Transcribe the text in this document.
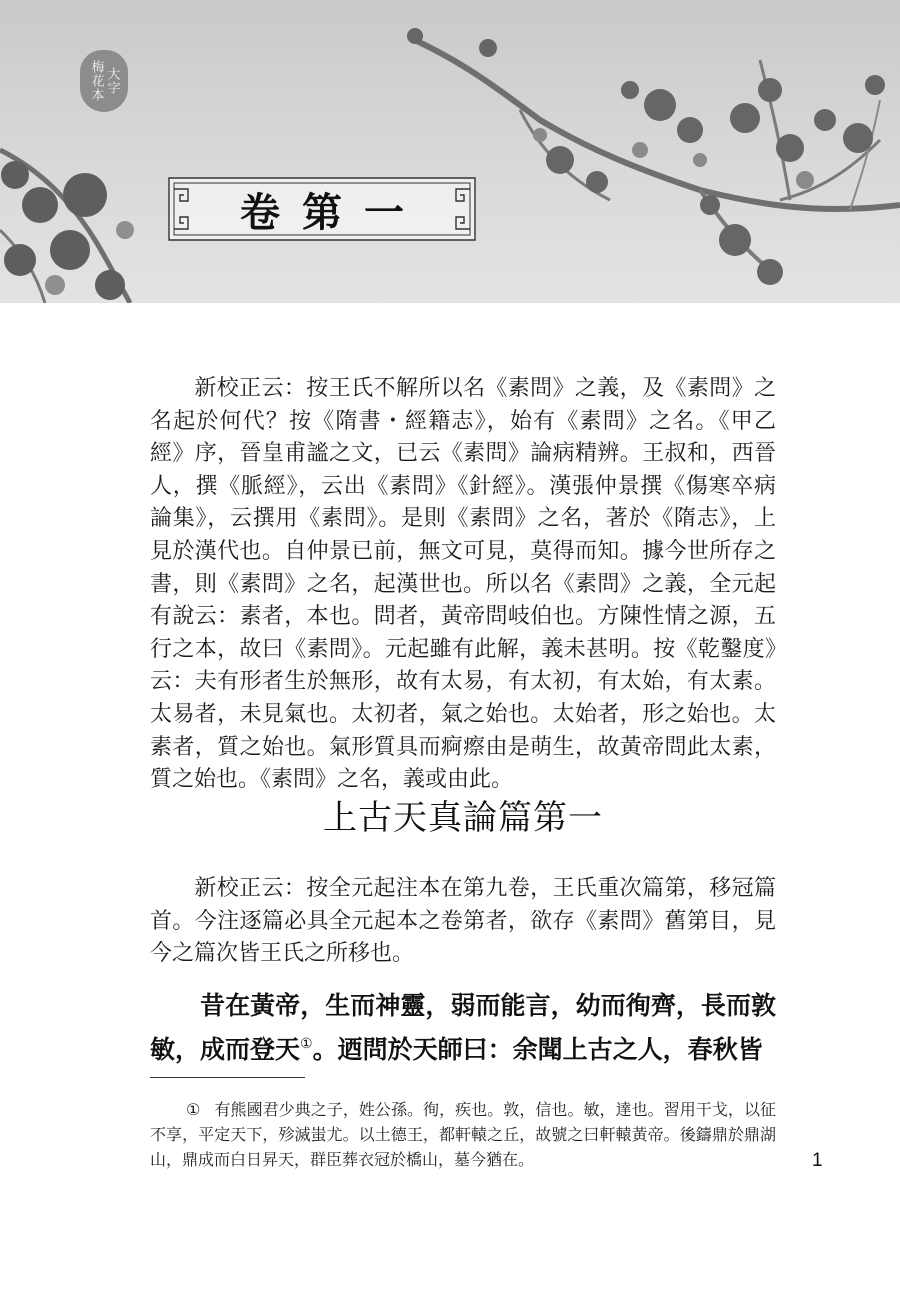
大字
梅花本
卷第一

新校正云：按王氏不解所以名《素問》之義，及《素問》之名起於何代？按《隋書・經籍志》，始有《素問》之名。《甲乙經》序，晉皇甫謐之文，已云《素問》論病精辨。王叔和，西晉人，撰《脈經》，云出《素問》《針經》。漢張仲景撰《傷寒卒病論集》，云撰用《素問》。是則《素問》之名，著於《隋志》，上見於漢代也。自仲景已前，無文可見，莫得而知。據今世所存之書，則《素問》之名，起漢世也。所以名《素問》之義，全元起有說云：素者，本也。問者，黃帝問岐伯也。方陳性情之源，五行之本，故曰《素問》。元起雖有此解，義未甚明。按《乾鑿度》云：夫有形者生於無形，故有太易，有太初，有太始，有太素。太易者，未見氣也。太初者，氣之始也。太始者，形之始也。太素者，質之始也。氣形質具而痾瘵由是萌生，故黃帝問此太素，質之始也。《素問》之名，義或由此。

上古天真論篇第一

新校正云：按全元起注本在第九卷，王氏重次篇第，移冠篇首。今注逐篇必具全元起本之卷第者，欲存《素問》舊第目，見今之篇次皆王氏之所移也。

昔在黃帝，生而神靈，弱而能言，幼而徇齊，長而敦敏，成而登天①。迺問於天師曰：余聞上古之人，春秋皆

① 有熊國君少典之子，姓公孫。徇，疾也。敦，信也。敏，達也。習用干戈，以征不享，平定天下，殄滅蚩尤。以土德王，都軒轅之丘，故號之曰軒轅黃帝。後鑄鼎於鼎湖山，鼎成而白日昇天，群臣葬衣冠於橋山，墓今猶在。	1
